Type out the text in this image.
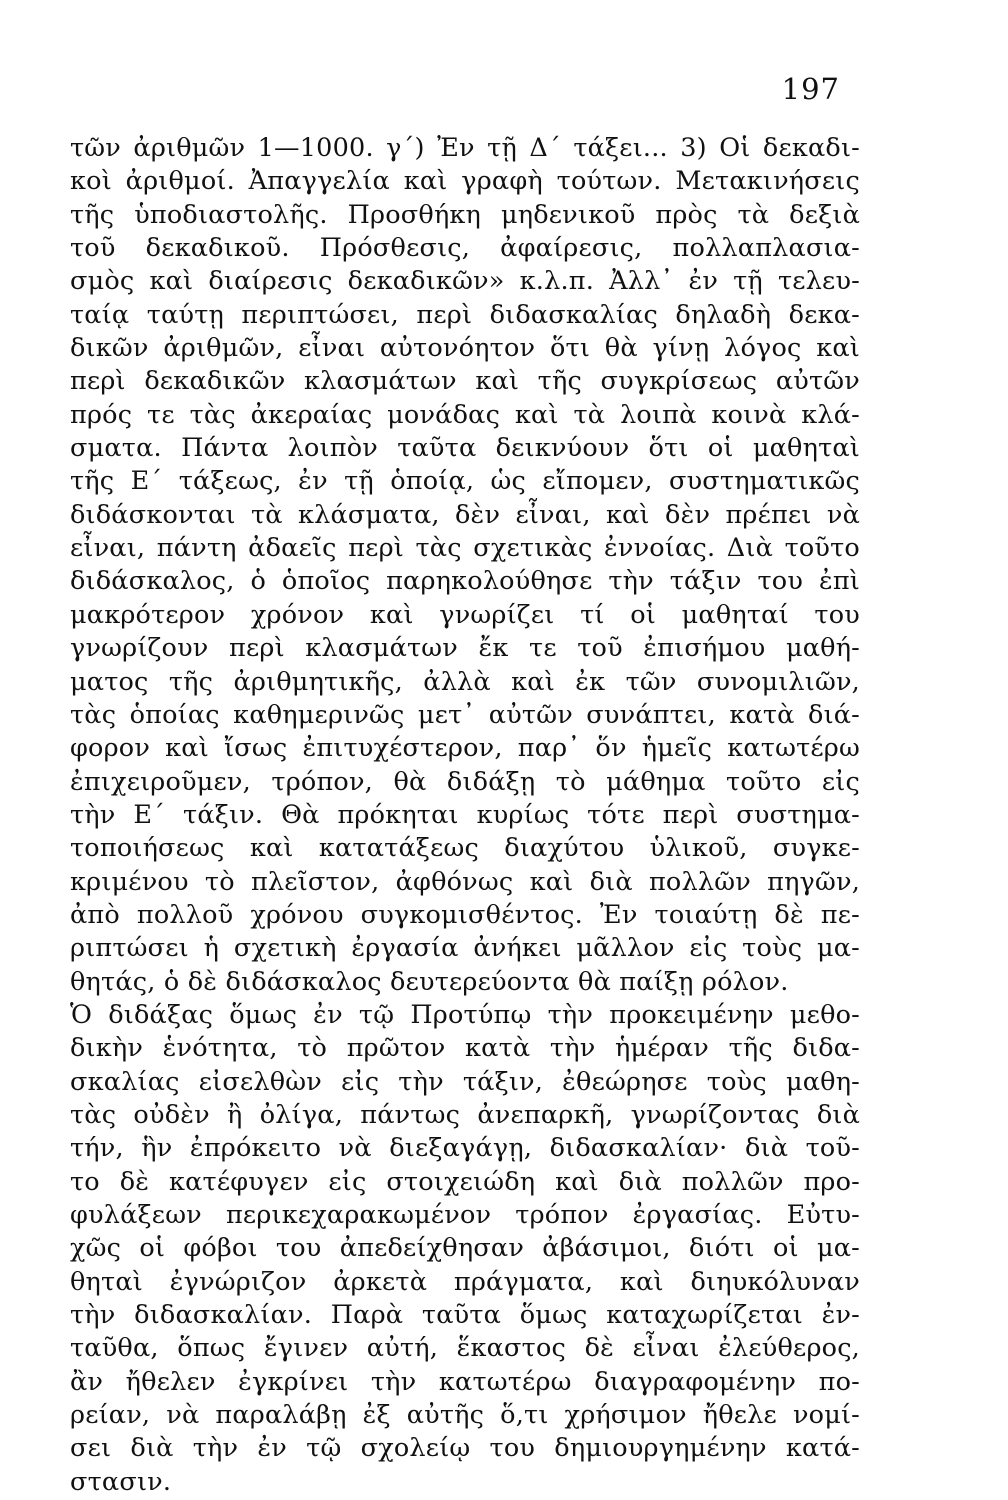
197
τῶν ἀριθμῶν 1—1000. γ΄) Ἐν τῇ Δ΄ τάξει... 3) Οἱ δεκαδι-
κοὶ ἀριθμοί. Ἀπαγγελία καὶ γραφὴ τούτων. Μετακινήσεις
τῆς ὑποδιαστολῆς. Προσθήκη μηδενικοῦ πρὸς τὰ δεξιὰ
τοῦ δεκαδικοῦ. Πρόσθεσις, ἀφαίρεσις, πολλαπλασια-
σμὸς καὶ διαίρεσις δεκαδικῶν» κ.λ.π. Ἀλλ᾽ ἐν τῇ τελευ-
ταίᾳ ταύτῃ περιπτώσει, περὶ διδασκαλίας δηλαδὴ δεκα-
δικῶν ἀριθμῶν, εἶναι αὐτονόητον ὅτι θὰ γίνῃ λόγος καὶ
περὶ δεκαδικῶν κλασμάτων καὶ τῆς συγκρίσεως αὐτῶν
πρός τε τὰς ἀκεραίας μονάδας καὶ τὰ λοιπὰ κοινὰ κλά-
σματα. Πάντα λοιπὸν ταῦτα δεικνύουν ὅτι οἱ μαθηταὶ
τῆς Ε΄ τάξεως, ἐν τῇ ὁποίᾳ, ὡς εἴπομεν, συστηματικῶς
διδάσκονται τὰ κλάσματα, δὲν εἶναι, καὶ δὲν πρέπει νὰ
εἶναι, πάντη ἀδαεῖς περὶ τὰς σχετικὰς ἐννοίας. Διὰ τοῦτο
διδάσκαλος, ὁ ὁποῖος παρηκολούθησε τὴν τάξιν του ἐπὶ
μακρότερον χρόνον καὶ γνωρίζει τί οἱ μαθηταί του
γνωρίζουν περὶ κλασμάτων ἔκ τε τοῦ ἐπισήμου μαθή-
ματος τῆς ἀριθμητικῆς, ἀλλὰ καὶ ἐκ τῶν συνομιλιῶν,
τὰς ὁποίας καθημερινῶς μετ᾽ αὐτῶν συνάπτει, κατὰ διά-
φορον καὶ ἴσως ἐπιτυχέστερον, παρ᾽ ὅν ἡμεῖς κατωτέρω
ἐπιχειροῦμεν, τρόπον, θὰ διδάξῃ τὸ μάθημα τοῦτο εἰς
τὴν Ε΄ τάξιν. Θὰ πρόκηται κυρίως τότε περὶ συστημα-
τοποιήσεως καὶ κατατάξεως διαχύτου ὑλικοῦ, συγκε-
κριμένου τὸ πλεῖστον, ἀφθόνως καὶ διὰ πολλῶν πηγῶν,
ἀπὸ πολλοῦ χρόνου συγκομισθέντος. Ἐν τοιαύτῃ δὲ πε-
ριπτώσει ἡ σχετικὴ ἐργασία ἀνήκει μᾶλλον εἰς τοὺς μα-
θητάς, ὁ δὲ διδάσκαλος δευτερεύοντα θὰ παίξῃ ρόλον.
Ὁ διδάξας ὅμως ἐν τῷ Προτύπῳ τὴν προκειμένην μεθο-
δικὴν ἑνότητα, τὸ πρῶτον κατὰ τὴν ἡμέραν τῆς διδα-
σκαλίας εἰσελθὼν εἰς τὴν τάξιν, ἐθεώρησε τοὺς μαθη-
τὰς οὐδὲν ἢ ὀλίγα, πάντως ἀνεπαρκῆ, γνωρίζοντας διὰ
τήν, ἣν ἐπρόκειτο νὰ διεξαγάγῃ, διδασκαλίαν· διὰ τοῦ-
το δὲ κατέφυγεν εἰς στοιχειώδη καὶ διὰ πολλῶν προ-
φυλάξεων περικεχαρακωμένον τρόπον ἐργασίας. Εὐτυ-
χῶς οἱ φόβοι του ἀπεδείχθησαν ἀβάσιμοι, διότι οἱ μα-
θηταὶ ἐγνώριζον ἀρκετὰ πράγματα, καὶ διηυκόλυναν
τὴν διδασκαλίαν. Παρὰ ταῦτα ὅμως καταχωρίζεται ἐν-
ταῦθα, ὅπως ἔγινεν αὐτή, ἕκαστος δὲ εἶναι ἐλεύθερος,
ἂν ἤθελεν ἐγκρίνει τὴν κατωτέρω διαγραφομένην πο-
ρείαν, νὰ παραλάβῃ ἐξ αὐτῆς ὅ,τι χρήσιμον ἤθελε νομί-
σει διὰ τὴν ἐν τῷ σχολείῳ του δημιουργημένην κατά-
στασιν.
